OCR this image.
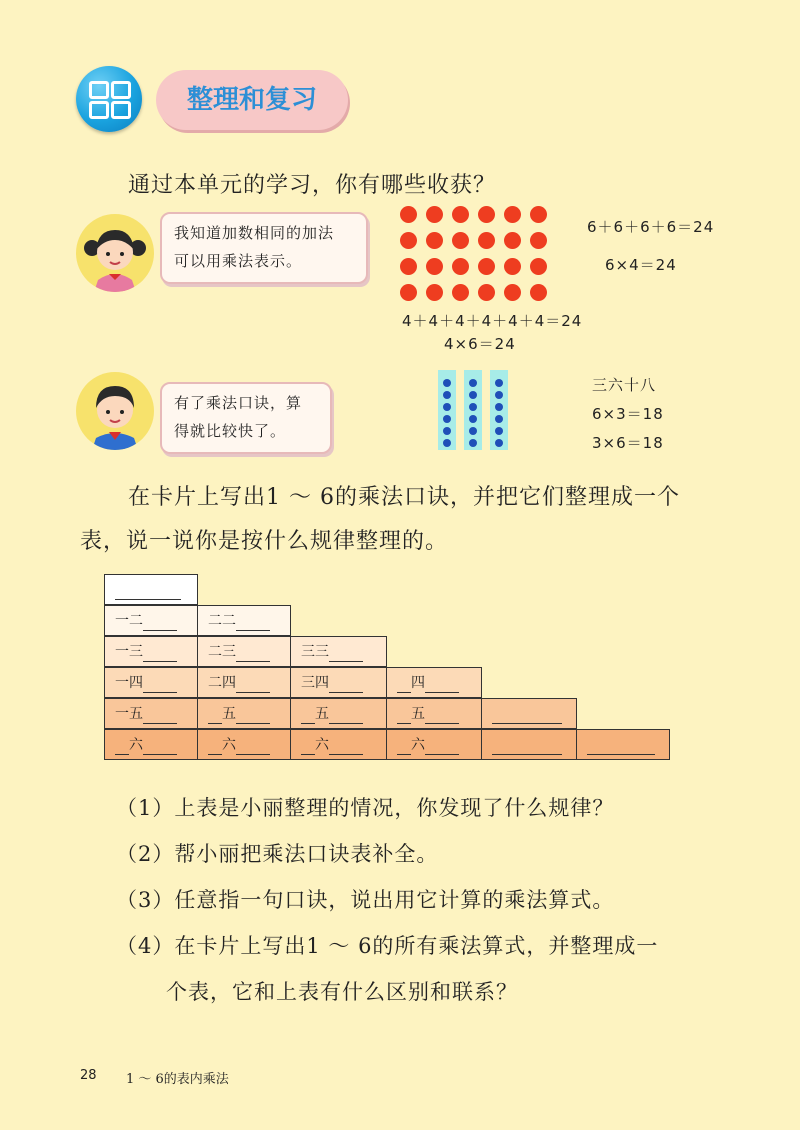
整理和复习
通过本单元的学习，你有哪些收获？
我知道加数相同的加法
可以用乘法表示。
6＋6＋6＋6＝24
6×4＝24
4＋4＋4＋4＋4＋4＝24
4×6＝24
有了乘法口诀，算
得就比较快了。
三六十八
6×3＝18
3×6＝18
在卡片上写出1 ～ 6的乘法口诀，并把它们整理成一个
表，说一说你是按什么规律整理的。
一二	二二
一三	二三	三三
一四	二四	三四	四
一五	五	五	五
六	六	六	六
（1）上表是小丽整理的情况，你发现了什么规律？
（2）帮小丽把乘法口诀表补全。
（3）任意指一句口诀，说出用它计算的乘法算式。
（4）在卡片上写出1 ～ 6的所有乘法算式，并整理成一
个表，它和上表有什么区别和联系？
28 1 ～ 6的表内乘法
